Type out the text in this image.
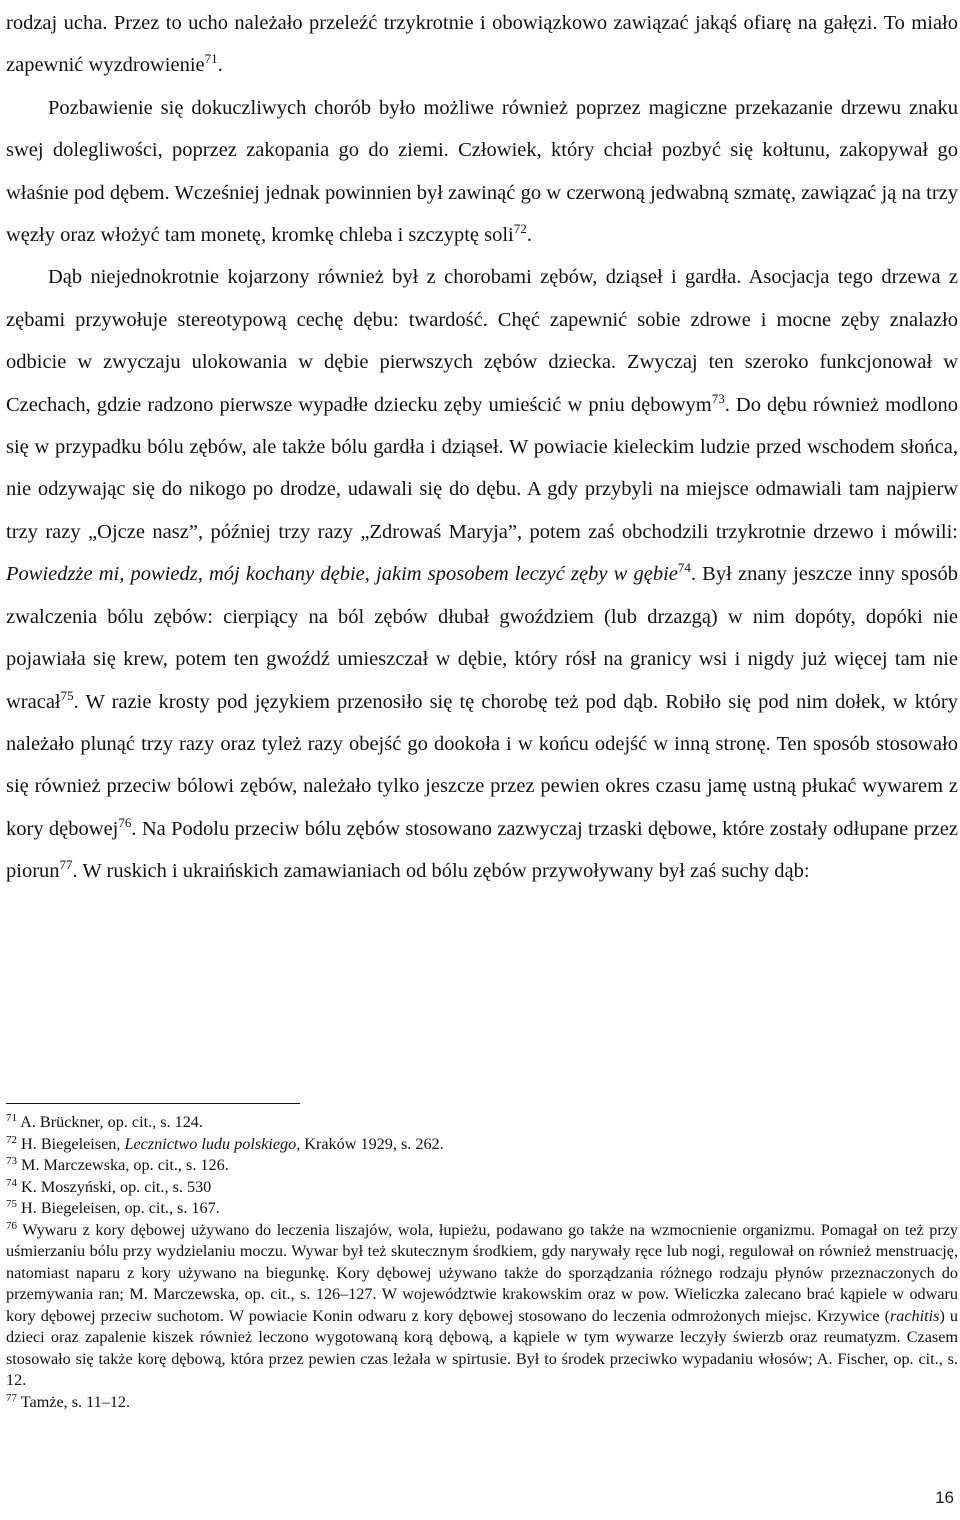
rodzaj ucha. Przez to ucho należało przeleźć trzykrotnie i obowiązkowo zawiązać jakąś ofiarę na gałęzi. To miało zapewnić wyzdrowienie$^{71}$.

Pozbawienie się dokuczliwych chorób było możliwe również poprzez magiczne przekazanie drzewu znaku swej dolegliwości, poprzez zakopania go do ziemi. Człowiek, który chciał pozbyć się kołtunu, zakopywał go właśnie pod dębem. Wcześniej jednak powinnien był zawinąć go w czerwoną jedwabną szmatę, zawiązać ją na trzy węzły oraz włożyć tam monetę, kromkę chleba i szczyptę soli$^{72}$.

Dąb niejednokrotnie kojarzony również był z chorobami zębów, dziąseł i gardła. Asocjacja tego drzewa z zębami przywołuje stereotypową cechę dębu: twardość. Chęć zapewnić sobie zdrowe i mocne zęby znalazło odbicie w zwyczaju ulokowania w dębie pierwszych zębów dziecka. Zwyczaj ten szeroko funkcjonował w Czechach, gdzie radzono pierwsze wypadłe dziecku zęby umieścić w pniu dębowym$^{73}$. Do dębu również modlono się w przypadku bólu zębów, ale także bólu gardła i dziąseł. W powiacie kieleckim ludzie przed wschodem słońca, nie odzywając się do nikogo po drodze, udawali się do dębu. A gdy przybyli na miejsce odmawiali tam najpierw trzy razy „Ojcze nasz”, później trzy razy „Zdrowaś Maryja”, potem zaś obchodzili trzykrotnie drzewo i mówili: Powiedzże mi, powiedz, mój kochany dębie, jakim sposobem leczyć zęby w gębie$^{74}$. Był znany jeszcze inny sposób zwalczenia bólu zębów: cierpiący na ból zębów dłubał gwoździem (lub drzazgą) w nim dopóty, dopóki nie pojawiała się krew, potem ten gwoźdź umieszczał w dębie, który rósł na granicy wsi i nigdy już więcej tam nie wracał$^{75}$. W razie krosty pod językiem przenosiło się tę chorobę też pod dąb. Robiło się pod nim dołek, w który należało plunąć trzy razy oraz tyleż razy obejść go dookoła i w końcu odejść w inną stronę. Ten sposób stosowało się również przeciw bólowi zębów, należało tylko jeszcze przez pewien okres czasu jamę ustną płukać wywarem z kory dębowej$^{76}$. Na Podolu przeciw bólu zębów stosowano zazwyczaj trzaski dębowe, które zostały odłupane przez piorun$^{77}$. W ruskich i ukraińskich zamawianiach od bólu zębów przywoływany był zaś suchy dąb:

$^{71}$ A. Brückner, op. cit., s. 124.
$^{72}$ H. Biegeleisen, Lecznictwo ludu polskiego, Kraków 1929, s. 262.
$^{73}$ M. Marczewska, op. cit., s. 126.
$^{74}$ K. Moszyński, op. cit., s. 530
$^{75}$ H. Biegeleisen, op. cit., s. 167.
$^{76}$ Wywaru z kory dębowej używano do leczenia liszajów, wola, łupieżu, podawano go także na wzmocnienie organizmu. Pomagał on też przy uśmierzaniu bólu przy wydzielaniu moczu. Wywar był też skutecznym środkiem, gdy narywały ręce lub nogi, regulował on również menstruację, natomiast naparu z kory używano na biegunkę. Kory dębowej używano także do sporządzania różnego rodzaju płynów przeznaczonych do przemywania ran; M. Marczewska, op. cit., s. 126–127. W województwie krakowskim oraz w pow. Wieliczka zalecano brać kąpiele w odwaru kory dębowej przeciw suchotom. W powiacie Konin odwaru z kory dębowej stosowano do leczenia odmrożonych miejsc. Krzywice (rachitis) u dzieci oraz zapalenie kiszek również leczono wygotowaną korą dębową, a kąpiele w tym wywarze leczyły świerzb oraz reumatyzm. Czasem stosowało się także korę dębową, która przez pewien czas leżała w spirtusie. Był to środek przeciwko wypadaniu włosów; A. Fischer, op. cit., s. 12.
$^{77}$ Tamże, s. 11–12.
16
